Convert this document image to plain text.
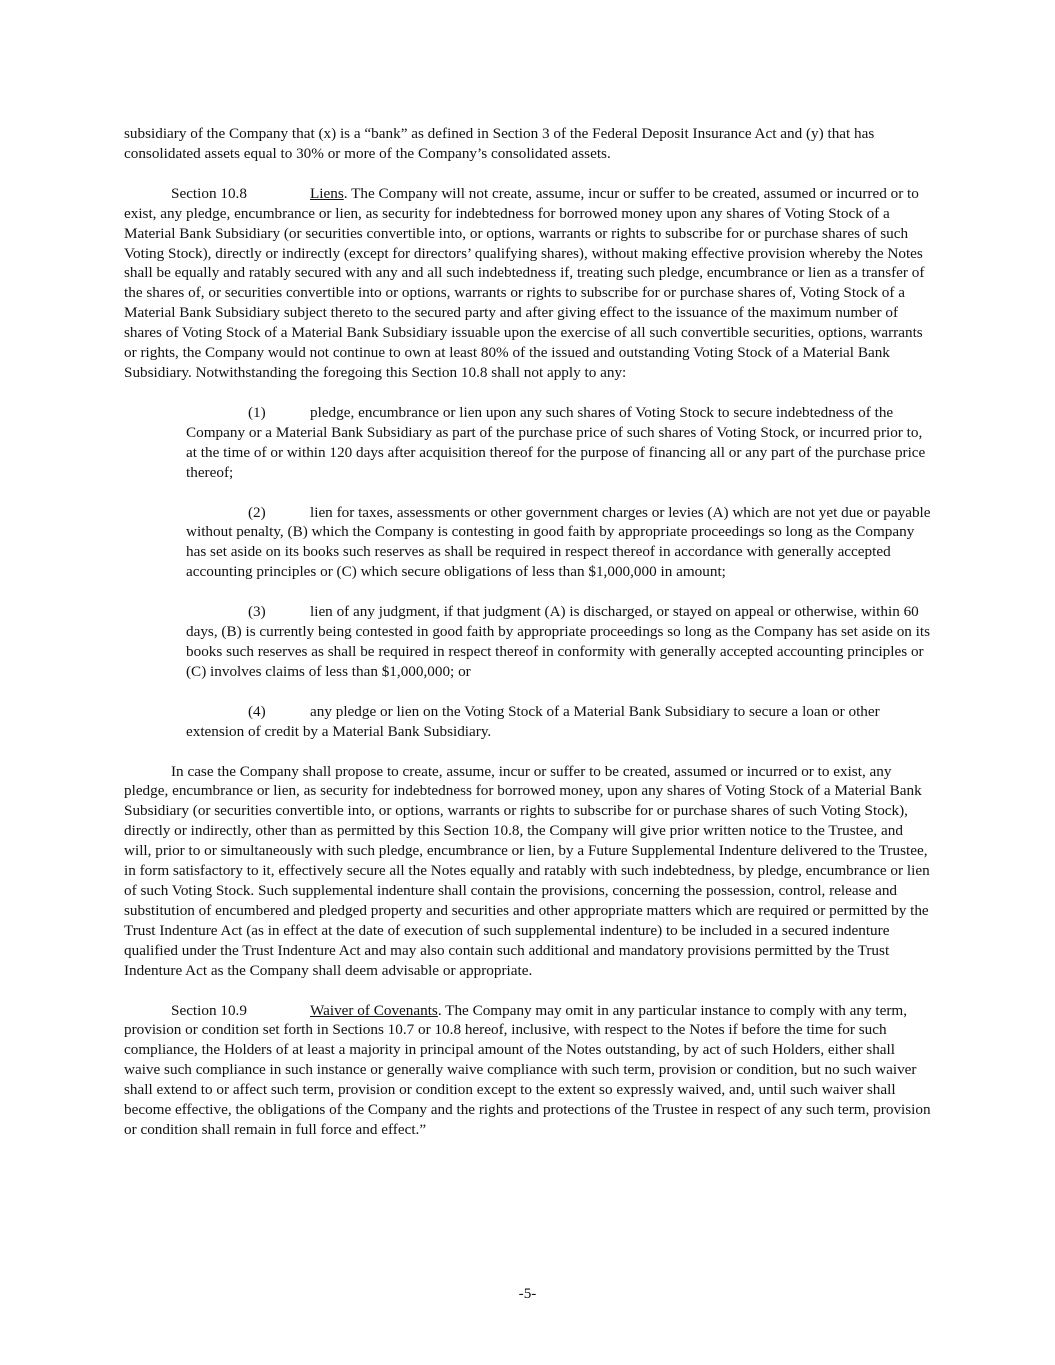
subsidiary of the Company that (x) is a “bank” as defined in Section 3 of the Federal Deposit Insurance Act and (y) that has consolidated assets equal to 30% or more of the Company’s consolidated assets.

Section 10.8	Liens. The Company will not create, assume, incur or suffer to be created, assumed or incurred or to exist, any pledge, encumbrance or lien, as security for indebtedness for borrowed money upon any shares of Voting Stock of a Material Bank Subsidiary (or securities convertible into, or options, warrants or rights to subscribe for or purchase shares of such Voting Stock), directly or indirectly (except for directors’ qualifying shares), without making effective provision whereby the Notes shall be equally and ratably secured with any and all such indebtedness if, treating such pledge, encumbrance or lien as a transfer of the shares of, or securities convertible into or options, warrants or rights to subscribe for or purchase shares of, Voting Stock of a Material Bank Subsidiary subject thereto to the secured party and after giving effect to the issuance of the maximum number of shares of Voting Stock of a Material Bank Subsidiary issuable upon the exercise of all such convertible securities, options, warrants or rights, the Company would not continue to own at least 80% of the issued and outstanding Voting Stock of a Material Bank Subsidiary. Notwithstanding the foregoing this Section 10.8 shall not apply to any:

(1)	pledge, encumbrance or lien upon any such shares of Voting Stock to secure indebtedness of the Company or a Material Bank Subsidiary as part of the purchase price of such shares of Voting Stock, or incurred prior to, at the time of or within 120 days after acquisition thereof for the purpose of financing all or any part of the purchase price thereof;

(2)	lien for taxes, assessments or other government charges or levies (A) which are not yet due or payable without penalty, (B) which the Company is contesting in good faith by appropriate proceedings so long as the Company has set aside on its books such reserves as shall be required in respect thereof in accordance with generally accepted accounting principles or (C) which secure obligations of less than $1,000,000 in amount;

(3)	lien of any judgment, if that judgment (A) is discharged, or stayed on appeal or otherwise, within 60 days, (B) is currently being contested in good faith by appropriate proceedings so long as the Company has set aside on its books such reserves as shall be required in respect thereof in conformity with generally accepted accounting principles or (C) involves claims of less than $1,000,000; or

(4)	any pledge or lien on the Voting Stock of a Material Bank Subsidiary to secure a loan or other extension of credit by a Material Bank Subsidiary.

In case the Company shall propose to create, assume, incur or suffer to be created, assumed or incurred or to exist, any pledge, encumbrance or lien, as security for indebtedness for borrowed money, upon any shares of Voting Stock of a Material Bank Subsidiary (or securities convertible into, or options, warrants or rights to subscribe for or purchase shares of such Voting Stock), directly or indirectly, other than as permitted by this Section 10.8, the Company will give prior written notice to the Trustee, and will, prior to or simultaneously with such pledge, encumbrance or lien, by a Future Supplemental Indenture delivered to the Trustee, in form satisfactory to it, effectively secure all the Notes equally and ratably with such indebtedness, by pledge, encumbrance or lien of such Voting Stock. Such supplemental indenture shall contain the provisions, concerning the possession, control, release and substitution of encumbered and pledged property and securities and other appropriate matters which are required or permitted by the Trust Indenture Act (as in effect at the date of execution of such supplemental indenture) to be included in a secured indenture qualified under the Trust Indenture Act and may also contain such additional and mandatory provisions permitted by the Trust Indenture Act as the Company shall deem advisable or appropriate.

Section 10.9	Waiver of Covenants. The Company may omit in any particular instance to comply with any term, provision or condition set forth in Sections 10.7 or 10.8 hereof, inclusive, with respect to the Notes if before the time for such compliance, the Holders of at least a majority in principal amount of the Notes outstanding, by act of such Holders, either shall waive such compliance in such instance or generally waive compliance with such term, provision or condition, but no such waiver shall extend to or affect such term, provision or condition except to the extent so expressly waived, and, until such waiver shall become effective, the obligations of the Company and the rights and protections of the Trustee in respect of any such term, provision or condition shall remain in full force and effect.”

-5-
